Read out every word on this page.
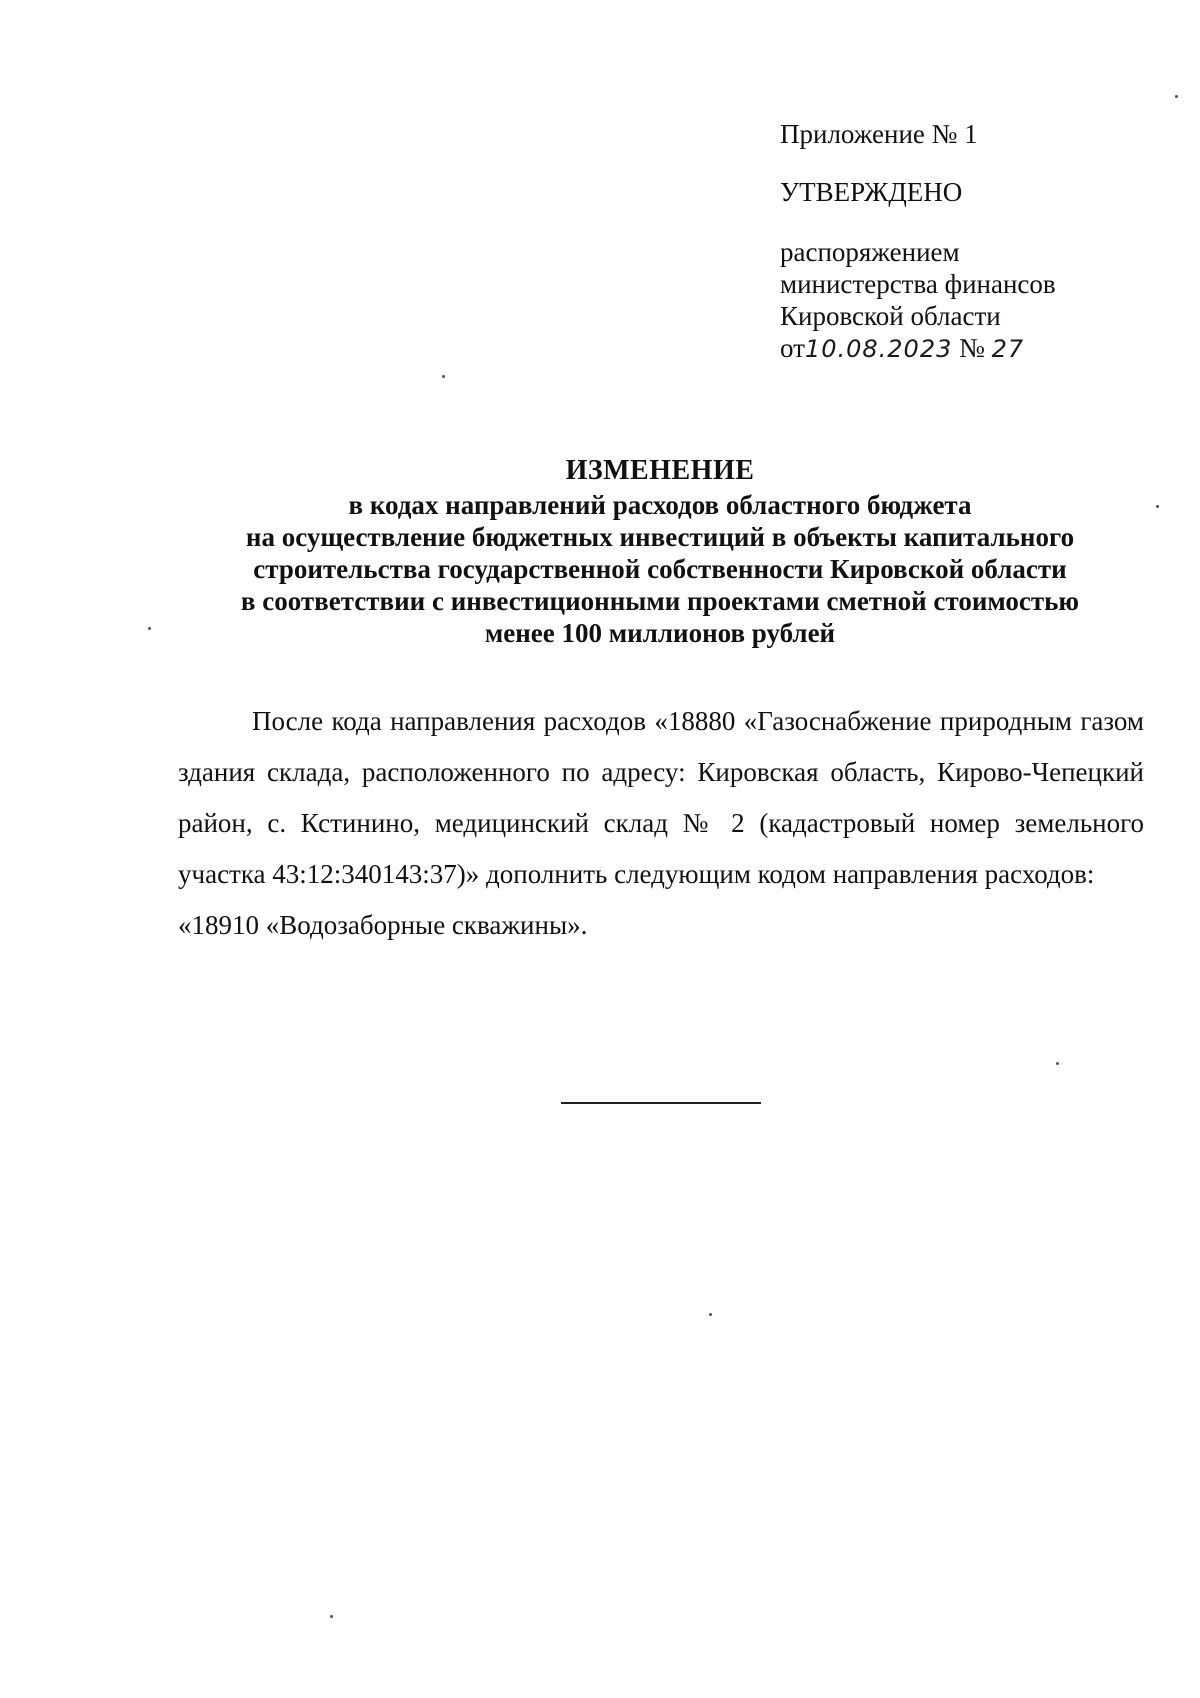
Приложение № 1
УТВЕРЖДЕНО
распоряжением
министерства финансов
Кировской области
от10.08.2023 № 27
ИЗМЕНЕНИЕ
в кодах направлений расходов областного бюджета
на осуществление бюджетных инвестиций в объекты капитального
строительства государственной собственности Кировской области
в соответствии с инвестиционными проектами сметной стоимостью
менее 100 миллионов рублей

После кода направления расходов «18880 «Газоснабжение природным газом здания склада, расположенного по адресу: Кировская область, Кирово-Чепецкий район, с. Кстинино, медицинский склад № 2 (кадастровый номер земельного участка 43:12:340143:37)» дополнить следующим кодом направления расходов:

«18910 «Водозаборные скважины».
